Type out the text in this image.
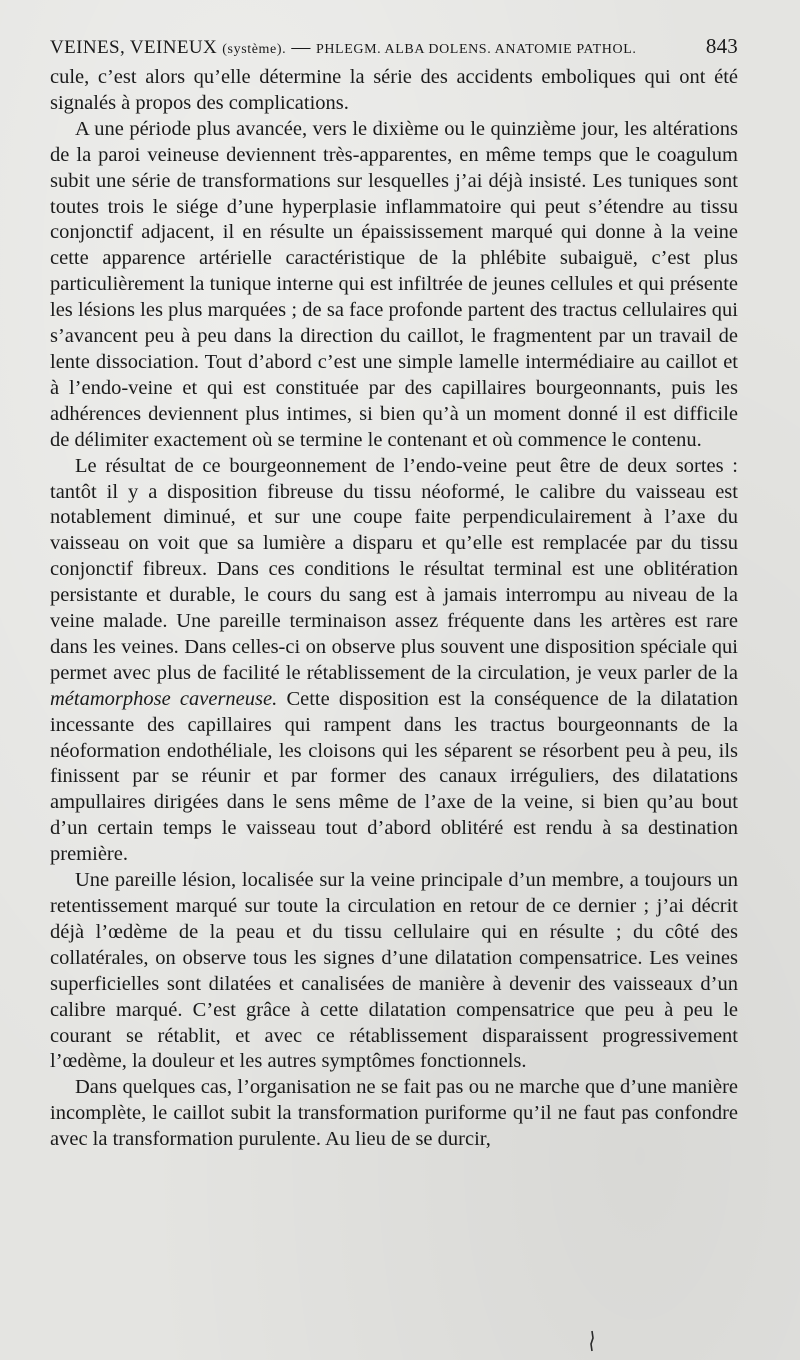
VEINES, VEINEUX (système). — PHLEGM. ALBA DOLENS. ANATOMIE PATHOL.	843

cule, c’est alors qu’elle détermine la série des accidents emboliques qui ont été signalés à propos des complications.

A une période plus avancée, vers le dixième ou le quinzième jour, les altérations de la paroi veineuse deviennent très-apparentes, en même temps que le coagulum subit une série de transformations sur lesquelles j’ai déjà insisté. Les tuniques sont toutes trois le siége d’une hyperplasie inflammatoire qui peut s’étendre au tissu conjonctif adjacent, il en résulte un épaississement marqué qui donne à la veine cette apparence artérielle caractéristique de la phlébite subaiguë, c’est plus particulièrement la tunique interne qui est infiltrée de jeunes cellules et qui présente les lésions les plus marquées ; de sa face profonde partent des tractus cellulaires qui s’avancent peu à peu dans la direction du caillot, le fragmentent par un travail de lente dissociation. Tout d’abord c’est une simple lamelle intermédiaire au caillot et à l’endo-veine et qui est constituée par des capillaires bourgeonnants, puis les adhérences deviennent plus intimes, si bien qu’à un moment donné il est difficile de délimiter exactement où se termine le contenant et où commence le contenu.

Le résultat de ce bourgeonnement de l’endo-veine peut être de deux sortes : tantôt il y a disposition fibreuse du tissu néoformé, le calibre du vaisseau est notablement diminué, et sur une coupe faite perpendiculairement à l’axe du vaisseau on voit que sa lumière a disparu et qu’elle est remplacée par du tissu conjonctif fibreux. Dans ces conditions le résultat terminal est une oblitération persistante et durable, le cours du sang est à jamais interrompu au niveau de la veine malade. Une pareille terminaison assez fréquente dans les artères est rare dans les veines. Dans celles-ci on observe plus souvent une disposition spéciale qui permet avec plus de facilité le rétablissement de la circulation, je veux parler de la métamorphose caverneuse. Cette disposition est la conséquence de la dilatation incessante des capillaires qui rampent dans les tractus bourgeonnants de la néoformation endothéliale, les cloisons qui les séparent se résorbent peu à peu, ils finissent par se réunir et par former des canaux irréguliers, des dilatations ampullaires dirigées dans le sens même de l’axe de la veine, si bien qu’au bout d’un certain temps le vaisseau tout d’abord oblitéré est rendu à sa destination première.

Une pareille lésion, localisée sur la veine principale d’un membre, a toujours un retentissement marqué sur toute la circulation en retour de ce dernier ; j’ai décrit déjà l’œdème de la peau et du tissu cellulaire qui en résulte ; du côté des collatérales, on observe tous les signes d’une dilatation compensatrice. Les veines superficielles sont dilatées et canalisées de manière à devenir des vaisseaux d’un calibre marqué. C’est grâce à cette dilatation compensatrice que peu à peu le courant se rétablit, et avec ce rétablissement disparaissent progressivement l’œdème, la douleur et les autres symptômes fonctionnels.

Dans quelques cas, l’organisation ne se fait pas ou ne marche que d’une manière incomplète, le caillot subit la transformation puriforme qu’il ne faut pas confondre avec la transformation purulente. Au lieu de se durcir,
